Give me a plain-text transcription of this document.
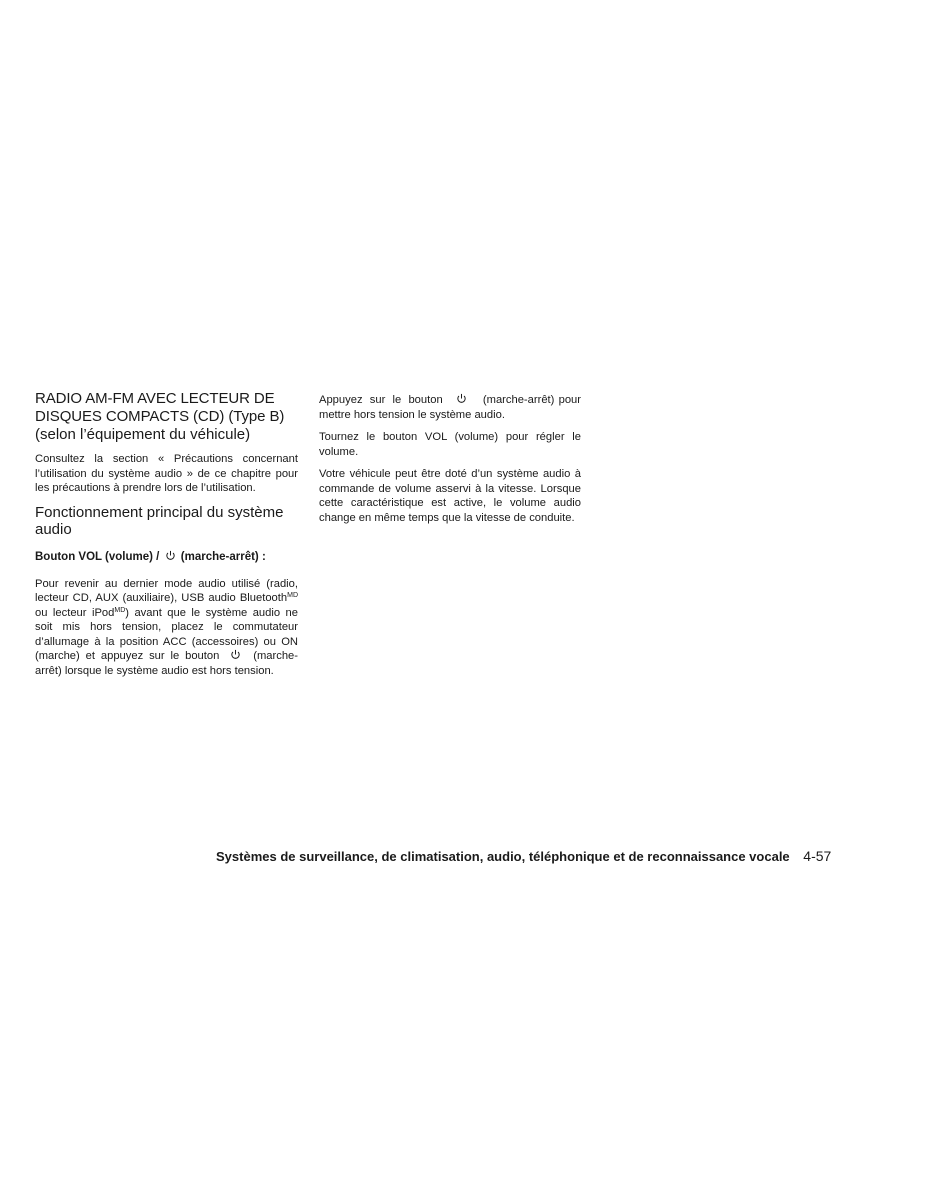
RADIO AM-FM AVEC LECTEUR DE
DISQUES COMPACTS (CD) (Type B)
(selon l’équipement du véhicule)

Consultez la section « Précautions concernant l’utilisation du système audio » de ce chapitre pour les précautions à prendre lors de l’utilisation.

Fonctionnement principal du système audio
Bouton VOL (volume) / (marche-arrêt) :

Pour revenir au dernier mode audio utilisé (radio, lecteur CD, AUX (auxiliaire), USB audio Bluetooth$^{MD}$ ou lecteur iPod$^{MD}$) avant que le système audio ne soit mis hors tension, placez le commutateur d’allumage à la position ACC (accessoires) ou ON (marche) et appuyez sur le bouton	(marche-arrêt) lorsque le système audio est hors tension.

Appuyez sur le bouton	(marche-arrêt) pour mettre hors tension le système audio.

Tournez le bouton VOL (volume) pour régler le volume.

Votre véhicule peut être doté d’un système audio à commande de volume asservi à la vitesse. Lorsque cette caractéristique est active, le volume audio change en même temps que la vitesse de conduite.

Systèmes de surveillance, de climatisation, audio, téléphonique et de reconnaissance vocale 4-57
